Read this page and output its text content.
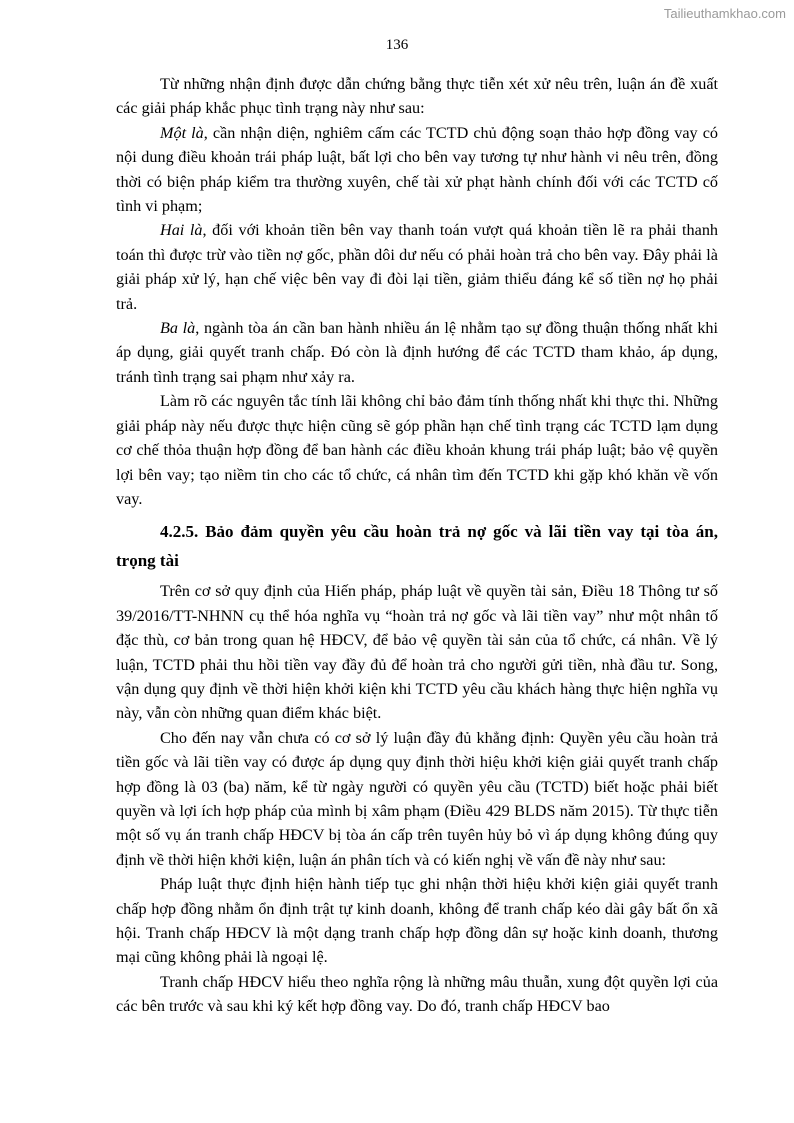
Tailieuthamkhao.com
136

Từ những nhận định được dẫn chứng bằng thực tiễn xét xử nêu trên, luận án đề xuất các giải pháp khắc phục tình trạng này như sau:

Một là, cần nhận diện, nghiêm cấm các TCTD chủ động soạn thảo hợp đồng vay có nội dung điều khoản trái pháp luật, bất lợi cho bên vay tương tự như hành vi nêu trên, đồng thời có biện pháp kiểm tra thường xuyên, chế tài xử phạt hành chính đối với các TCTD cố tình vi phạm;

Hai là, đối với khoản tiền bên vay thanh toán vượt quá khoản tiền lẽ ra phải thanh toán thì được trừ vào tiền nợ gốc, phần dôi dư nếu có phải hoàn trả cho bên vay. Đây phải là giải pháp xử lý, hạn chế việc bên vay đi đòi lại tiền, giảm thiểu đáng kể số tiền nợ họ phải trả.

Ba là, ngành tòa án cần ban hành nhiều án lệ nhằm tạo sự đồng thuận thống nhất khi áp dụng, giải quyết tranh chấp. Đó còn là định hướng để các TCTD tham khảo, áp dụng, tránh tình trạng sai phạm như xảy ra.

Làm rõ các nguyên tắc tính lãi không chỉ bảo đảm tính thống nhất khi thực thi. Những giải pháp này nếu được thực hiện cũng sẽ góp phần hạn chế tình trạng các TCTD lạm dụng cơ chế thỏa thuận hợp đồng để ban hành các điều khoản khung trái pháp luật; bảo vệ quyền lợi bên vay; tạo niềm tin cho các tổ chức, cá nhân tìm đến TCTD khi gặp khó khăn về vốn vay.

4.2.5. Bảo đảm quyền yêu cầu hoàn trả nợ gốc và lãi tiền vay tại tòa án, trọng tài

Trên cơ sở quy định của Hiến pháp, pháp luật về quyền tài sản, Điều 18 Thông tư số 39/2016/TT-NHNN cụ thể hóa nghĩa vụ “hoàn trả nợ gốc và lãi tiền vay” như một nhân tố đặc thù, cơ bản trong quan hệ HĐCV, để bảo vệ quyền tài sản của tổ chức, cá nhân. Về lý luận, TCTD phải thu hồi tiền vay đầy đủ để hoàn trả cho người gửi tiền, nhà đầu tư. Song, vận dụng quy định về thời hiện khởi kiện khi TCTD yêu cầu khách hàng thực hiện nghĩa vụ này, vẫn còn những quan điểm khác biệt.

Cho đến nay vẫn chưa có cơ sở lý luận đầy đủ khẳng định: Quyền yêu cầu hoàn trả tiền gốc và lãi tiền vay có được áp dụng quy định thời hiệu khởi kiện giải quyết tranh chấp hợp đồng là 03 (ba) năm, kể từ ngày người có quyền yêu cầu (TCTD) biết hoặc phải biết quyền và lợi ích hợp pháp của mình bị xâm phạm (Điều 429 BLDS năm 2015). Từ thực tiễn một số vụ án tranh chấp HĐCV bị tòa án cấp trên tuyên hủy bỏ vì áp dụng không đúng quy định về thời hiện khởi kiện, luận án phân tích và có kiến nghị về vấn đề này như sau:

Pháp luật thực định hiện hành tiếp tục ghi nhận thời hiệu khởi kiện giải quyết tranh chấp hợp đồng nhằm ổn định trật tự kinh doanh, không để tranh chấp kéo dài gây bất ổn xã hội. Tranh chấp HĐCV là một dạng tranh chấp hợp đồng dân sự hoặc kinh doanh, thương mại cũng không phải là ngoại lệ.

Tranh chấp HĐCV hiểu theo nghĩa rộng là những mâu thuẫn, xung đột quyền lợi của các bên trước và sau khi ký kết hợp đồng vay. Do đó, tranh chấp HĐCV bao
